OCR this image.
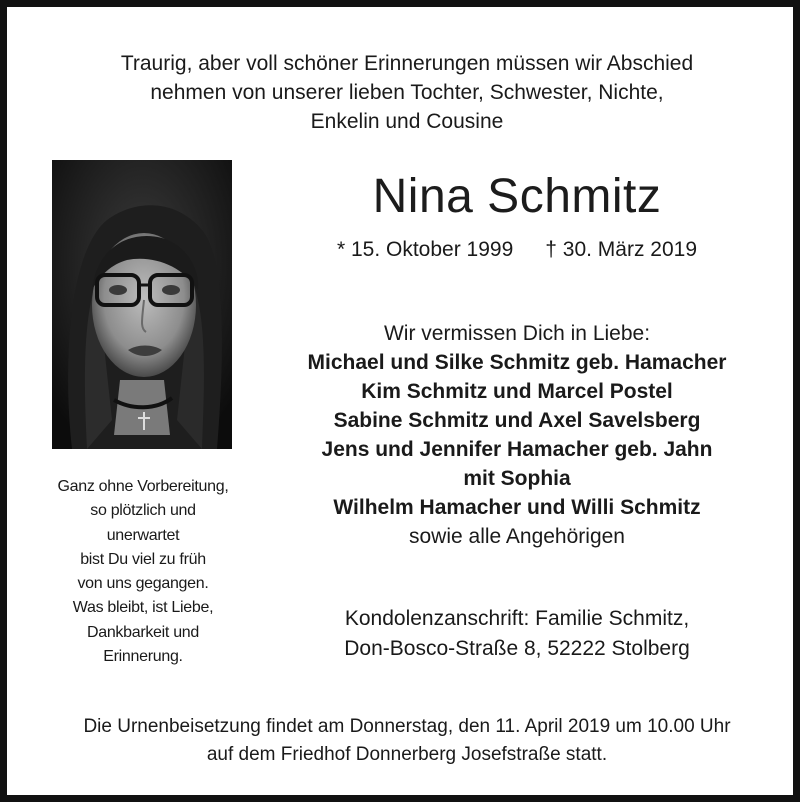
Traurig, aber voll schöner Erinnerungen müssen wir Abschied
nehmen von unserer lieben Tochter, Schwester, Nichte,
Enkelin und Cousine
Nina Schmitz
* 15. Oktober 1999 † 30. März 2019
Wir vermissen Dich in Liebe:
Michael und Silke Schmitz geb. Hamacher
Kim Schmitz und Marcel Postel
Sabine Schmitz und Axel Savelsberg
Jens und Jennifer Hamacher geb. Jahn
mit Sophia
Wilhelm Hamacher und Willi Schmitz
sowie alle Angehörigen
Ganz ohne Vorbereitung,
so plötzlich und
unerwartet
bist Du viel zu früh
von uns gegangen.
Was bleibt, ist Liebe,
Dankbarkeit und
Erinnerung.
Kondolenzanschrift: Familie Schmitz,
Don-Bosco-Straße 8, 52222 Stolberg
Die Urnenbeisetzung findet am Donnerstag, den 11. April 2019 um 10.00 Uhr
auf dem Friedhof Donnerberg Josefstraße statt.
